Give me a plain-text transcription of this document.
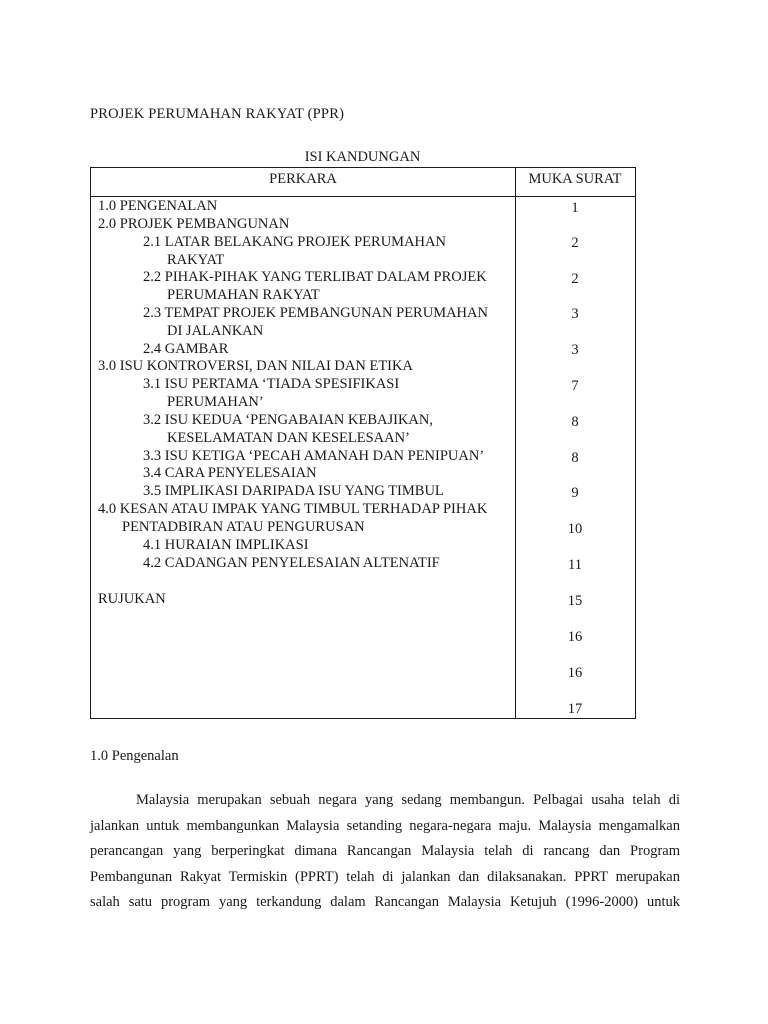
PROJEK PERUMAHAN RAKYAT (PPR)
ISI KANDUNGAN
PERKARA	MUKA SURAT
1.0 PENGENALAN
2.0 PROJEK PEMBANGUNAN
2.1 LATAR BELAKANG PROJEK PERUMAHAN
RAKYAT
2.2 PIHAK-PIHAK YANG TERLIBAT DALAM PROJEK
PERUMAHAN RAKYAT
2.3 TEMPAT PROJEK PEMBANGUNAN PERUMAHAN
DI JALANKAN
2.4 GAMBAR
3.0 ISU KONTROVERSI, DAN NILAI DAN ETIKA
3.1 ISU PERTAMA ‘TIADA SPESIFIKASI
PERUMAHAN’
3.2 ISU KEDUA ‘PENGABAIAN KEBAJIKAN,
KESELAMATAN DAN KESELESAAN’
3.3 ISU KETIGA ‘PECAH AMANAH DAN PENIPUAN’
3.4 CARA PENYELESAIAN
3.5 IMPLIKASI DARIPADA ISU YANG TIMBUL
4.0 KESAN ATAU IMPAK YANG TIMBUL TERHADAP PIHAK
PENTADBIRAN ATAU PENGURUSAN
4.1 HURAIAN IMPLIKASI
4.2 CADANGAN PENYELESAIAN ALTENATIF
RUJUKAN
1
2
2
3
3
7
8
8
9
10
11
15
16
16
17
1.0 Pengenalan
Malaysia merupakan sebuah negara yang sedang membangun. Pelbagai usaha telah di
jalankan untuk membangunkan Malaysia setanding negara-negara maju. Malaysia mengamalkan
perancangan yang berperingkat dimana Rancangan Malaysia telah di rancang dan Program
Pembangunan Rakyat Termiskin (PPRT) telah di jalankan dan dilaksanakan. PPRT merupakan
salah satu program yang terkandung dalam Rancangan Malaysia Ketujuh (1996-2000) untuk
